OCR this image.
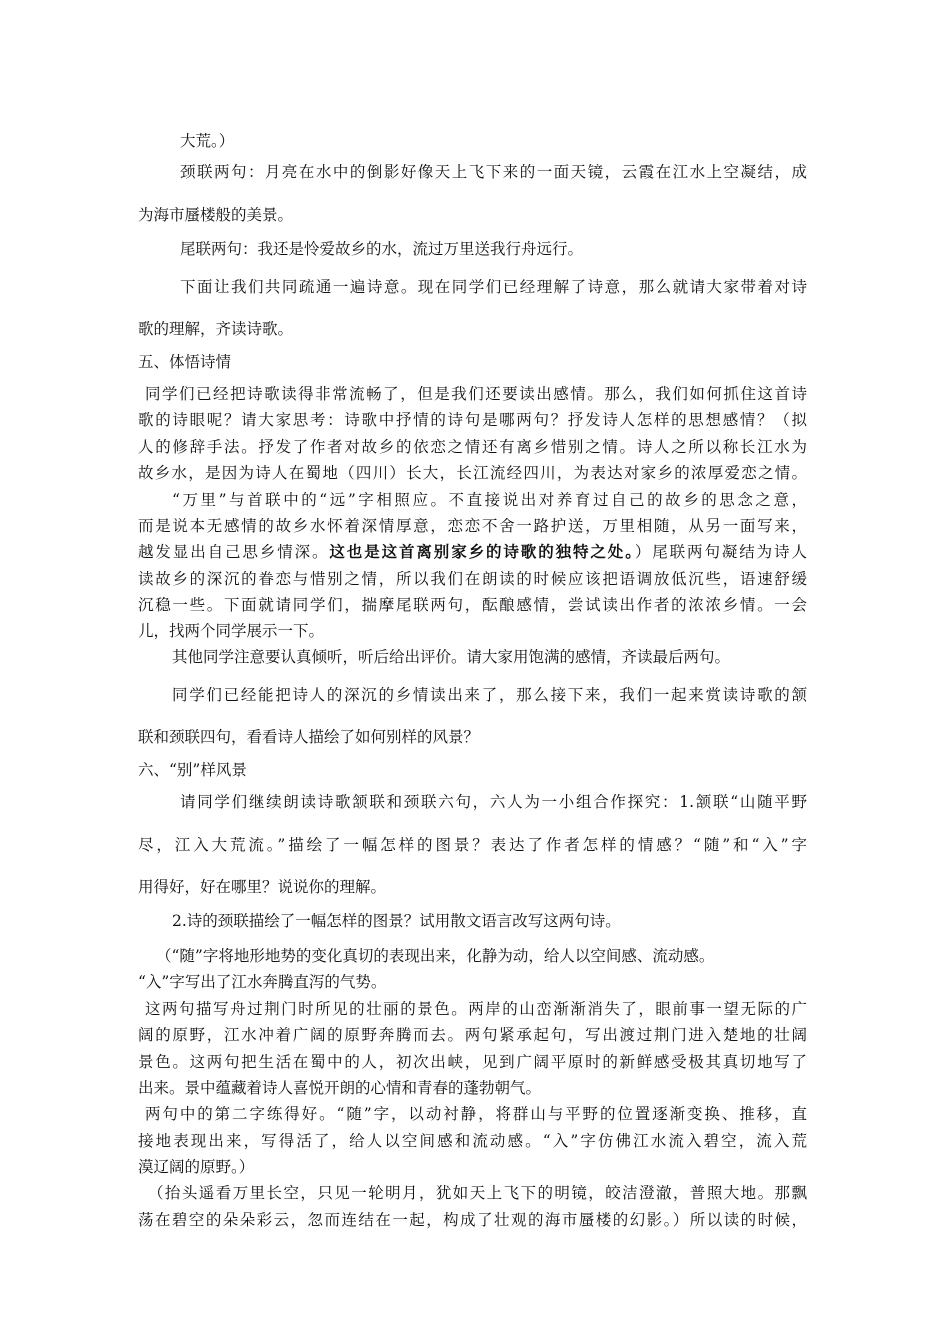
大荒。）
颈联两句：月亮在水中的倒影好像天上飞下来的一面天镜，云霞在江水上空凝结，成
为海市蜃楼般的美景。
尾联两句：我还是怜爱故乡的水，流过万里送我行舟远行。
下面让我们共同疏通一遍诗意。现在同学们已经理解了诗意，那么就请大家带着对诗
歌的理解，齐读诗歌。
五、体悟诗情
同学们已经把诗歌读得非常流畅了，但是我们还要读出感情。那么，我们如何抓住这首诗
歌的诗眼呢？请大家思考：诗歌中抒情的诗句是哪两句？抒发诗人怎样的思想感情？（拟
人的修辞手法。抒发了作者对故乡的依恋之情还有离乡惜别之情。诗人之所以称长江水为
故乡水，是因为诗人在蜀地（四川）长大，长江流经四川，为表达对家乡的浓厚爱恋之情。
“万里”与首联中的“远”字相照应。不直接说出对养育过自己的故乡的思念之意，
而是说本无感情的故乡水怀着深情厚意，恋恋不舍一路护送，万里相随，从另一面写来，
越发显出自己思乡情深。这也是这首离别家乡的诗歌的独特之处。）尾联两句凝结为诗人
读故乡的深沉的眷恋与惜别之情，所以我们在朗读的时候应该把语调放低沉些，语速舒缓
沉稳一些。下面就请同学们，揣摩尾联两句，酝酿感情，尝试读出作者的浓浓乡情。一会
儿，找两个同学展示一下。
其他同学注意要认真倾听，听后给出评价。请大家用饱满的感情，齐读最后两句。
同学们已经能把诗人的深沉的乡情读出来了，那么接下来，我们一起来赏读诗歌的颔
联和颈联四句，看看诗人描绘了如何别样的风景？
六、“别”样风景
请同学们继续朗读诗歌颔联和颈联六句，六人为一小组合作探究：1.颔联“山随平野
尽，江入大荒流。”描绘了一幅怎样的图景？表达了作者怎样的情感？“随”和“入”字
用得好，好在哪里？说说你的理解。
2.诗的颈联描绘了一幅怎样的图景？试用散文语言改写这两句诗。
（“随”字将地形地势的变化真切的表现出来，化静为动，给人以空间感、流动感。
“入”字写出了江水奔腾直泻的气势。
这两句描写舟过荆门时所见的壮丽的景色。两岸的山峦渐渐消失了，眼前事一望无际的广
阔的原野，江水冲着广阔的原野奔腾而去。两句紧承起句，写出渡过荆门进入楚地的壮阔
景色。这两句把生活在蜀中的人，初次出峡，见到广阔平原时的新鲜感受极其真切地写了
出来。景中蕴藏着诗人喜悦开朗的心情和青春的蓬勃朝气。
两句中的第二字练得好。“随”字，以动衬静，将群山与平野的位置逐渐变换、推移，直
接地表现出来，写得活了，给人以空间感和流动感。“入”字仿佛江水流入碧空，流入荒
漠辽阔的原野。）
（抬头遥看万里长空，只见一轮明月，犹如天上飞下的明镜，皎洁澄澈，普照大地。那飘
荡在碧空的朵朵彩云，忽而连结在一起，构成了壮观的海市蜃楼的幻影。）所以读的时候，
